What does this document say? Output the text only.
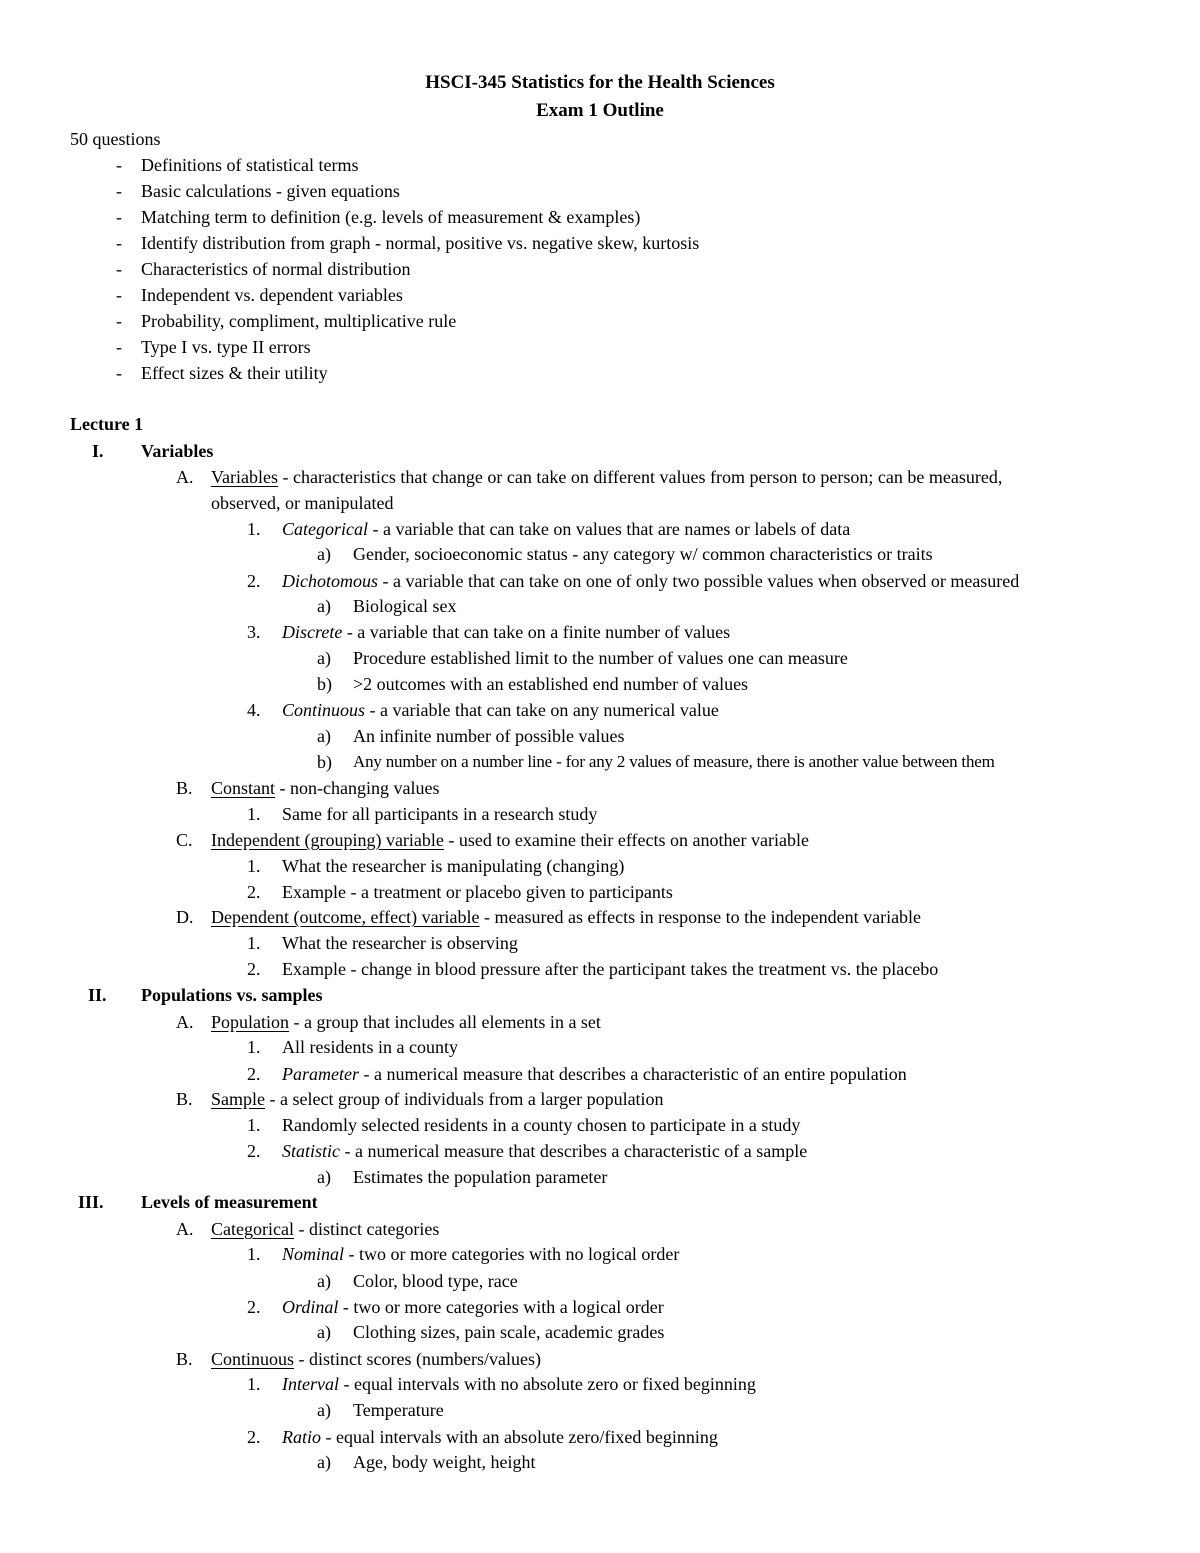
HSCI-345 Statistics for the Health Sciences
Exam 1 Outline
50 questions
- Definitions of statistical terms
- Basic calculations - given equations
- Matching term to definition (e.g. levels of measurement & examples)
- Identify distribution from graph - normal, positive vs. negative skew, kurtosis
- Characteristics of normal distribution
- Independent vs. dependent variables
- Probability, compliment, multiplicative rule
- Type I vs. type II errors
- Effect sizes & their utility
Lecture 1
I. Variables
A. Variables - characteristics that change or can take on different values from person to person; can be measured,
observed, or manipulated
1. Categorical - a variable that can take on values that are names or labels of data
a) Gender, socioeconomic status - any category w/ common characteristics or traits
2. Dichotomous - a variable that can take on one of only two possible values when observed or measured
a) Biological sex
3. Discrete - a variable that can take on a finite number of values
a) Procedure established limit to the number of values one can measure
b) >2 outcomes with an established end number of values
4. Continuous - a variable that can take on any numerical value
a) An infinite number of possible values
b) Any number on a number line - for any 2 values of measure, there is another value between them
B. Constant - non-changing values
1. Same for all participants in a research study
C. Independent (grouping) variable - used to examine their effects on another variable
1. What the researcher is manipulating (changing)
2. Example - a treatment or placebo given to participants
D. Dependent (outcome, effect) variable - measured as effects in response to the independent variable
1. What the researcher is observing
2. Example - change in blood pressure after the participant takes the treatment vs. the placebo
II. Populations vs. samples
A. Population - a group that includes all elements in a set
1. All residents in a county
2. Parameter - a numerical measure that describes a characteristic of an entire population
B. Sample - a select group of individuals from a larger population
1. Randomly selected residents in a county chosen to participate in a study
2. Statistic - a numerical measure that describes a characteristic of a sample
a) Estimates the population parameter
III. Levels of measurement
A. Categorical - distinct categories
1. Nominal - two or more categories with no logical order
a) Color, blood type, race
2. Ordinal - two or more categories with a logical order
a) Clothing sizes, pain scale, academic grades
B. Continuous - distinct scores (numbers/values)
1. Interval - equal intervals with no absolute zero or fixed beginning
a) Temperature
2. Ratio - equal intervals with an absolute zero/fixed beginning
a) Age, body weight, height
